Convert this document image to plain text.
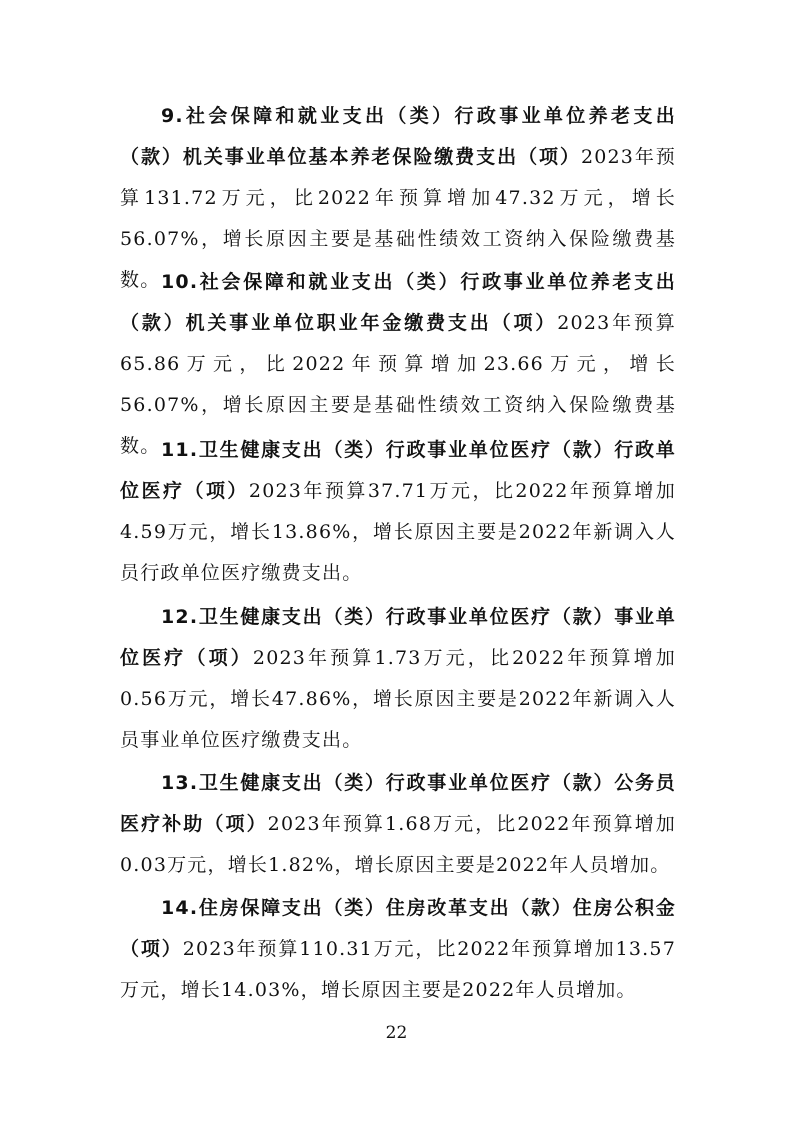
9.社会保障和就业支出（类）行政事业单位养老支出（款）机关事业单位基本养老保险缴费支出（项）2023年预算131.72万元，比2022年预算增加47.32万元，增长56.07%，增长原因主要是基础性绩效工资纳入保险缴费基数。 10.社会保障和就业支出（类）行政事业单位养老支出（款）机关事业单位职业年金缴费支出（项）2023年预算65.86万元，比2022年预算增加23.66万元，增长56.07%，增长原因主要是基础性绩效工资纳入保险缴费基数。 11.卫生健康支出（类）行政事业单位医疗（款）行政单位医疗（项）2023年预算37.71万元，比2022年预算增加4.59万元，增长13.86%，增长原因主要是2022年新调入人员行政单位医疗缴费支出。

12.卫生健康支出（类）行政事业单位医疗（款）事业单位医疗（项）2023年预算1.73万元，比2022年预算增加0.56万元，增长47.86%，增长原因主要是2022年新调入人员事业单位医疗缴费支出。

13.卫生健康支出（类）行政事业单位医疗（款）公务员医疗补助（项）2023年预算1.68万元，比2022年预算增加0.03万元，增长1.82%，增长原因主要是2022年人员增加。

14.住房保障支出（类）住房改革支出（款）住房公积金（项）2023年预算110.31万元，比2022年预算增加13.57万元，增长14.03%，增长原因主要是2022年人员增加。

22
